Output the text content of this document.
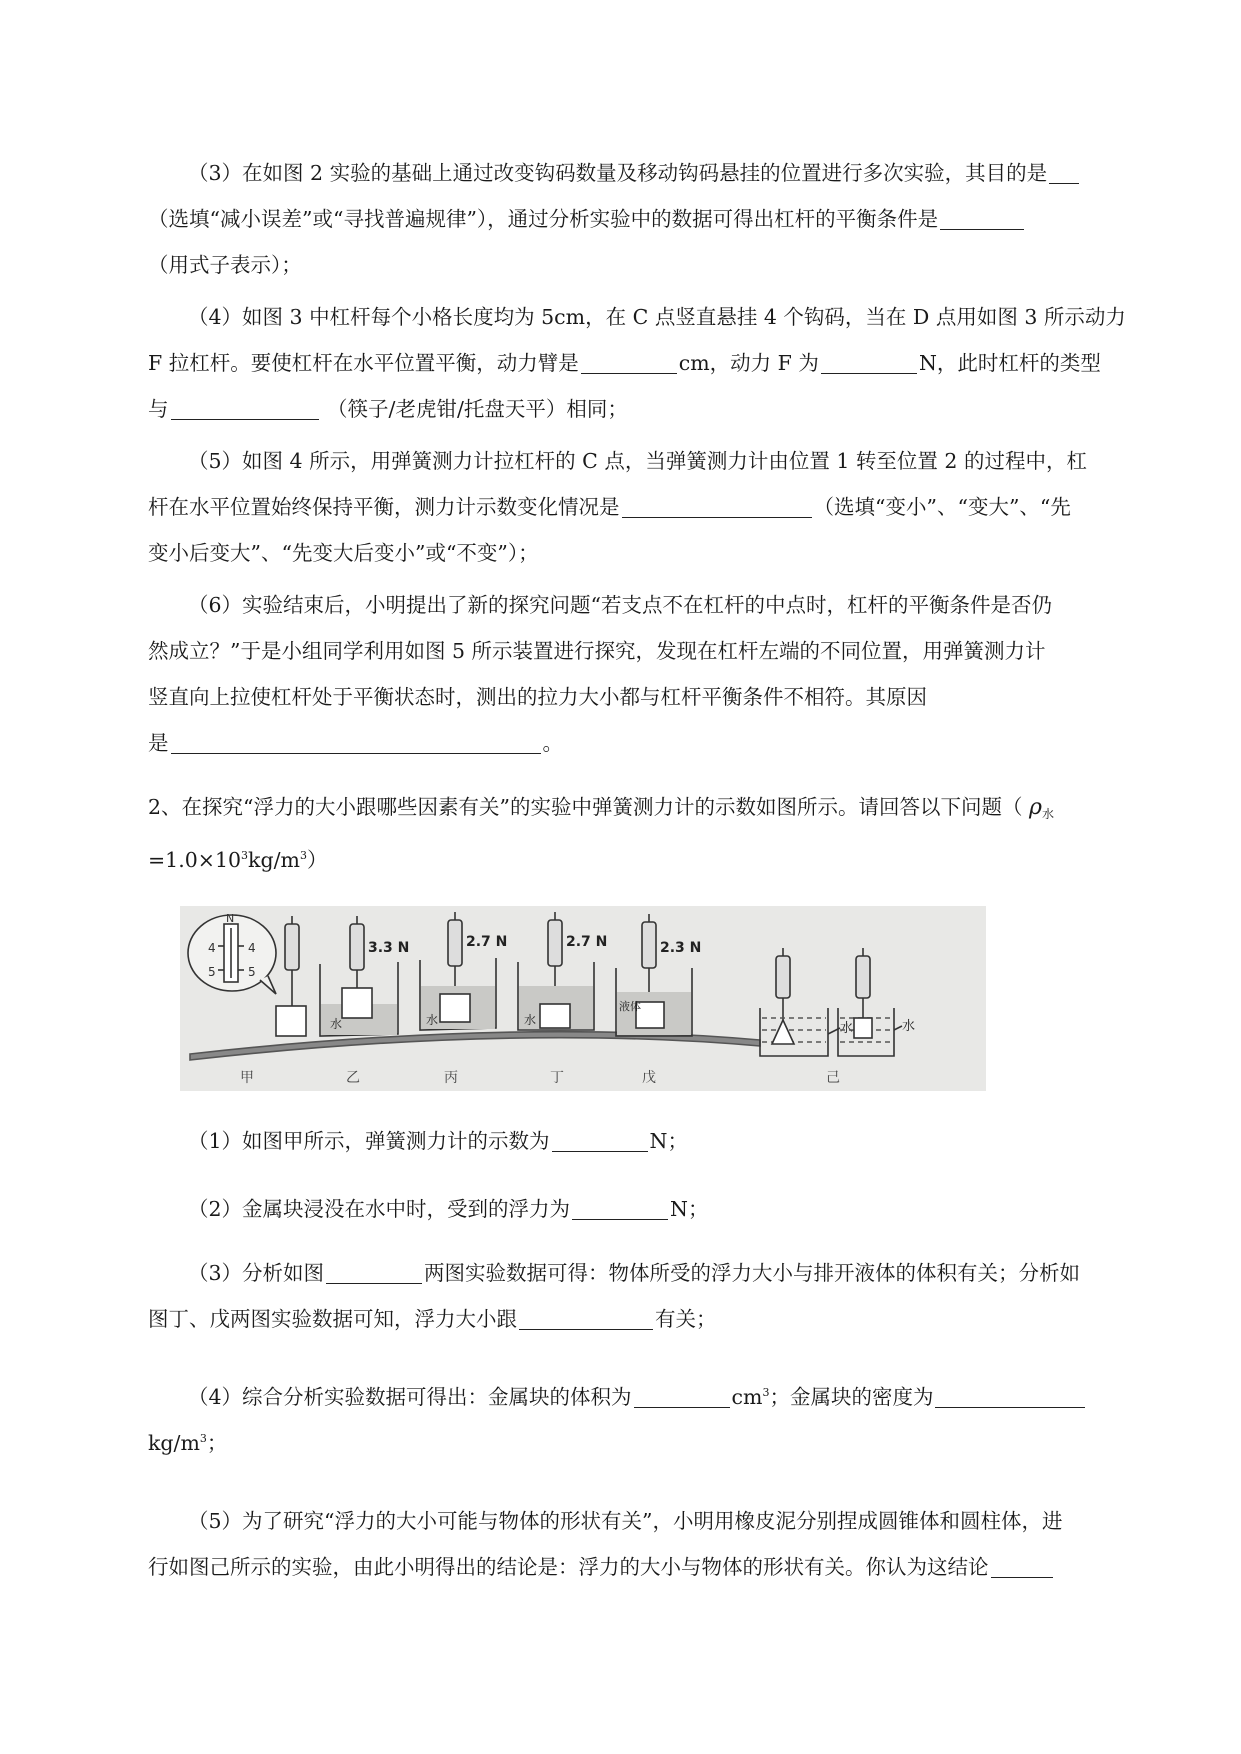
（3）在如图 2 实验的基础上通过改变钩码数量及移动钩码悬挂的位置进行多次实验，其目的是
（选填“减小误差”或“寻找普遍规律”），通过分析实验中的数据可得出杠杆的平衡条件是
（用式子表示）；

（4）如图 3 中杠杆每个小格长度均为 5cm，在 C 点竖直悬挂 4 个钩码，当在 D 点用如图 3 所示动力
F 拉杠杆。要使杠杆在水平位置平衡，动力臂是	cm，动力 F 为	N，此时杠杆的类型
与	（筷子/老虎钳/托盘天平）相同；

（5）如图 4 所示，用弹簧测力计拉杠杆的 C 点，当弹簧测力计由位置 1 转至位置 2 的过程中，杠
杆在水平位置始终保持平衡，测力计示数变化情况是	（选填“变小”、“变大”、“先
变小后变大”、“先变大后变小”或“不变”）；

（6）实验结束后，小明提出了新的探究问题“若支点不在杠杆的中点时，杠杆的平衡条件是否仍
然成立？”于是小组同学利用如图 5 所示装置进行探究，发现在杠杆左端的不同位置，用弹簧测力计
竖直向上拉使杠杆处于平衡状态时，测出的拉力大小都与杠杆平衡条件不相符。其原因
是	。

2、在探究“浮力的大小跟哪些因素有关”的实验中弹簧测力计的示数如图所示。请回答以下问题（ $\rho_水$
$=1.0\times 10^3kg/m^3$）

4	4
5	5
N
3.3 N
水
2.7 N
水
2.7 N
水
2.3 N
液体
水	水
甲	乙	丙	丁	戊	己

（1）如图甲所示，弹簧测力计的示数为	N；

（2）金属块浸没在水中时，受到的浮力为	N；

（3）分析如图	两图实验数据可得：物体所受的浮力大小与排开液体的体积有关；分析如
图丁、戊两图实验数据可知，浮力大小跟	有关；

（4）综合分析实验数据可得出：金属块的体积为	$cm^3$；金属块的密度为
$kg/m^3$；

（5）为了研究“浮力的大小可能与物体的形状有关”，小明用橡皮泥分别捏成圆锥体和圆柱体，进
行如图己所示的实验，由此小明得出的结论是：浮力的大小与物体的形状有关。你认为这结论
